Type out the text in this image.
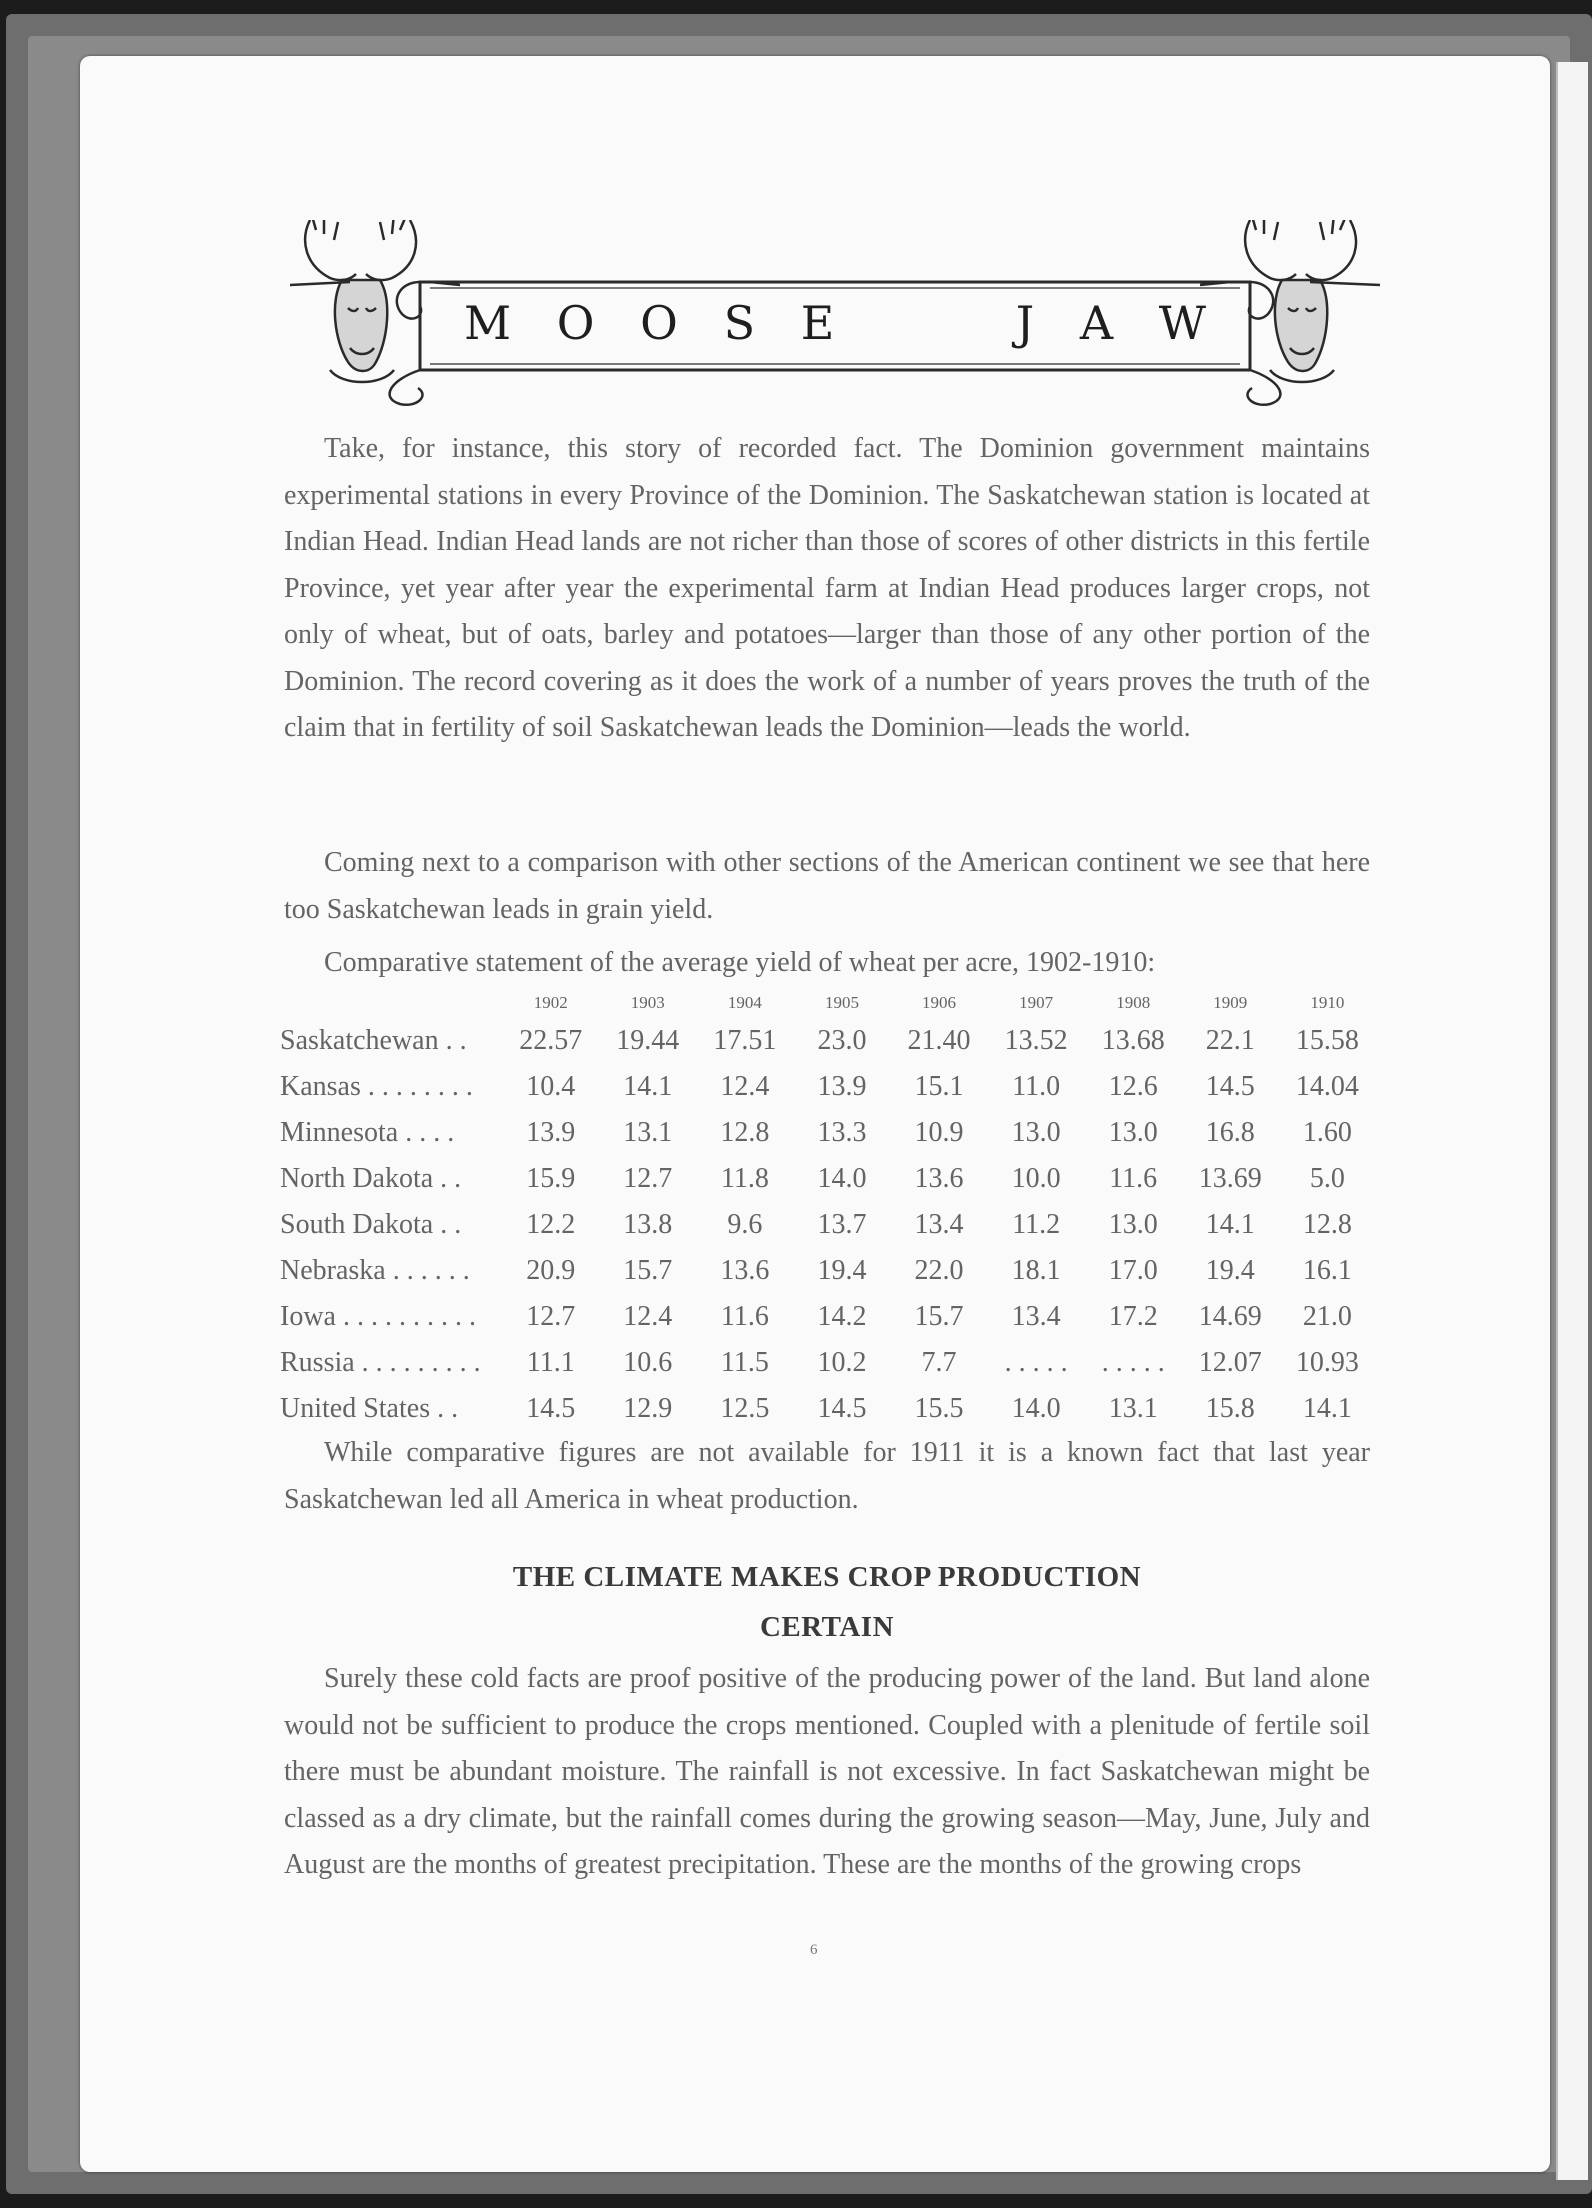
M O O S E	J A W

Take, for instance, this story of recorded fact. The Dominion government maintains experimental stations in every Province of the Dominion. The Saskatchewan station is located at Indian Head. Indian Head lands are not richer than those of scores of other districts in this fertile Province, yet year after year the experimental farm at Indian Head produces larger crops, not only of wheat, but of oats, barley and potatoes—larger than those of any other portion of the Dominion. The record covering as it does the work of a number of years proves the truth of the claim that in fertility of soil Saskatchewan leads the Dominion—leads the world.

Coming next to a comparison with other sections of the American continent we see that here too Saskatchewan leads in grain yield.

Comparative statement of the average yield of wheat per acre, 1902-1910:

	1902	1903	1904	1905	1906	1907	1908	1909	1910
Saskatchewan . .	22.57	19.44	17.51	23.0	21.40	13.52	13.68	22.1	15.58
Kansas . . . . . . . .	10.4	14.1	12.4	13.9	15.1	11.0	12.6	14.5	14.04
Minnesota . . . .	13.9	13.1	12.8	13.3	10.9	13.0	13.0	16.8	1.60
North Dakota . .	15.9	12.7	11.8	14.0	13.6	10.0	11.6	13.69	5.0
South Dakota . .	12.2	13.8	9.6	13.7	13.4	11.2	13.0	14.1	12.8
Nebraska . . . . . .	20.9	15.7	13.6	19.4	22.0	18.1	17.0	19.4	16.1
Iowa . . . . . . . . . .	12.7	12.4	11.6	14.2	15.7	13.4	17.2	14.69	21.0
Russia . . . . . . . . .	11.1	10.6	11.5	10.2	7.7	. . . . .	. . . . .	12.07	10.93
United States . .	14.5	12.9	12.5	14.5	15.5	14.0	13.1	15.8	14.1

While comparative figures are not available for 1911 it is a known fact that last year Saskatchewan led all America in wheat production.

THE CLIMATE MAKES CROP PRODUCTION
CERTAIN

Surely these cold facts are proof positive of the producing power of the land. But land alone would not be sufficient to produce the crops mentioned. Coupled with a plenitude of fertile soil there must be abundant moisture. The rainfall is not excessive. In fact Saskatchewan might be classed as a dry climate, but the rainfall comes during the growing season—May, June, July and August are the months of greatest precipitation. These are the months of the growing crops

6
